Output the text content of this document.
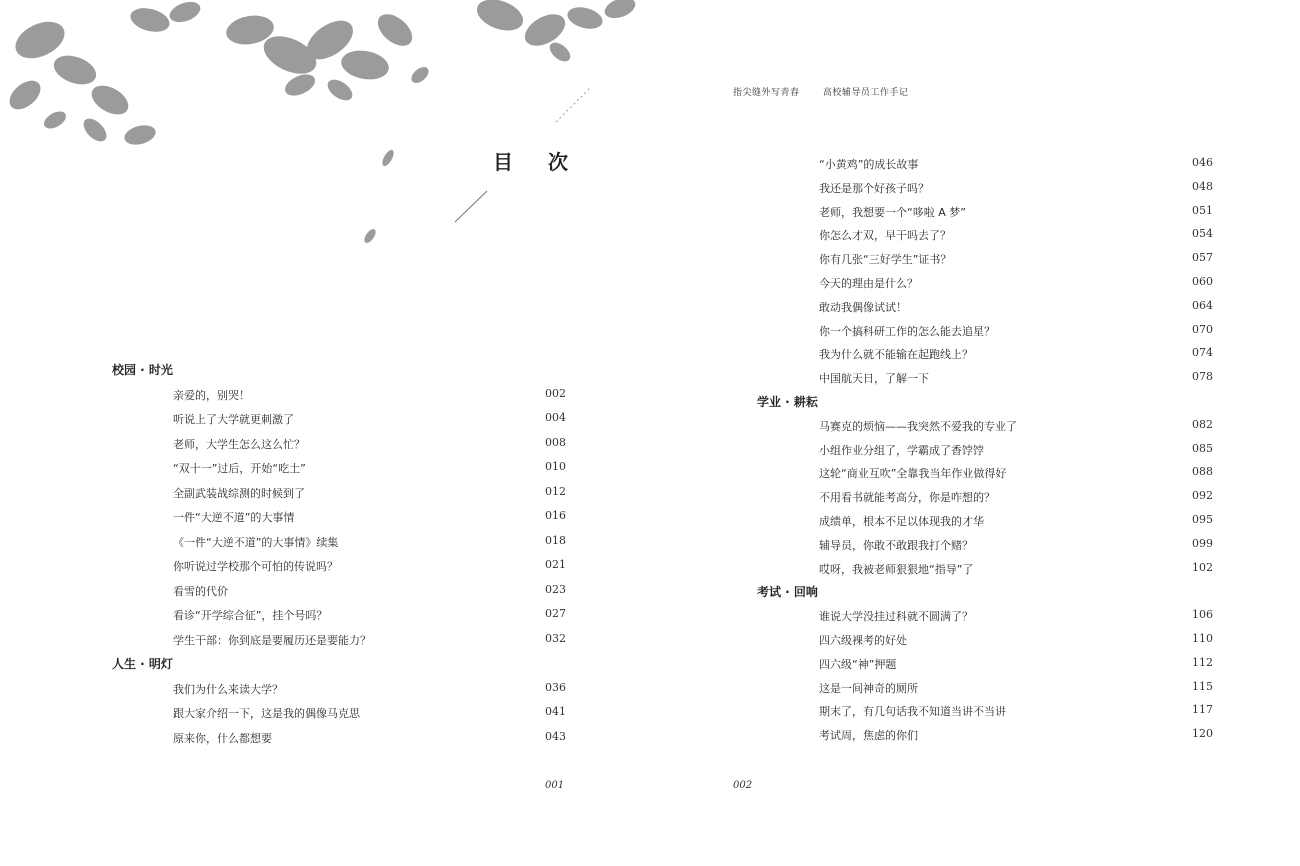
指尖缝外写青春	高校辅导员工作手记
目 次
校园 · 时光
亲爱的，别哭！	002
听说上了大学就更刺激了	004
老师，大学生怎么这么忙？	008
“双十一”过后，开始“吃土”	010
全副武装战综测的时候到了	012
一件“大逆不道”的大事情	016
《一件“大逆不道”的大事情》续集	018
你听说过学校那个可怕的传说吗？	021
看雪的代价	023
看诊“开学综合征”，挂个号吗？	027
学生干部：你到底是要履历还是要能力？	032
人生 · 明灯
我们为什么来读大学？	036
跟大家介绍一下，这是我的偶像马克思	041
原来你，什么都想要	043
“小黄鸡”的成长故事	046
我还是那个好孩子吗？	048
老师，我想要一个“哆啦 A 梦”	051
你怎么才双，早干吗去了？	054
你有几张“三好学生”证书？	057
今天的理由是什么？	060
敢动我偶像试试！	064
你一个搞科研工作的怎么能去追星？	070
我为什么就不能输在起跑线上？	074
中国航天日，了解一下	078
学业 · 耕耘
马赛克的烦恼——我突然不爱我的专业了	082
小组作业分组了，学霸成了香饽饽	085
这轮“商业互吹”全靠我当年作业做得好	088
不用看书就能考高分，你是咋想的？	092
成绩单，根本不足以体现我的才华	095
辅导员，你敢不敢跟我打个赌？	099
哎呀，我被老师狠狠地“指导”了	102
考试 · 回响
谁说大学没挂过科就不圆满了？	106
四六级裸考的好处	110
四六级“神”押题	112
这是一间神奇的厕所	115
期末了，有几句话我不知道当讲不当讲	117
考试周，焦虑的你们	120
001	002
